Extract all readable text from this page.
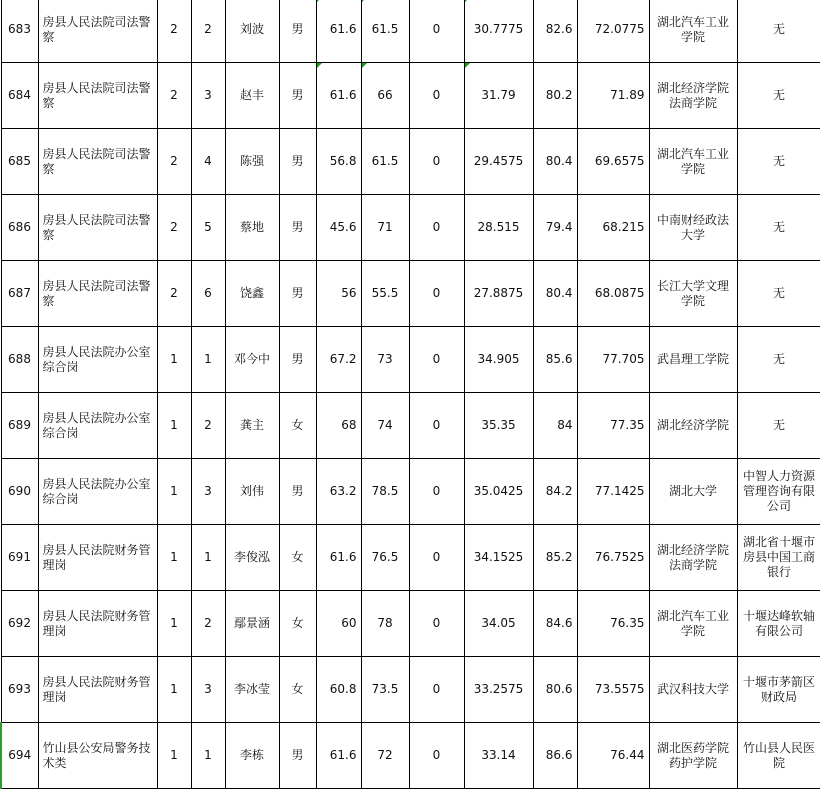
683	房县人民法院司法警察	2	2	刘波	男	61.6	61.5	0	30.7775	82.6	72.0775	湖北汽车工业学院	无
684	房县人民法院司法警察	2	3	赵丰	男	61.6	66	0	31.79	80.2	71.89	湖北经济学院法商学院	无
685	房县人民法院司法警察	2	4	陈强	男	56.8	61.5	0	29.4575	80.4	69.6575	湖北汽车工业学院	无
686	房县人民法院司法警察	2	5	蔡地	男	45.6	71	0	28.515	79.4	68.215	中南财经政法大学	无
687	房县人民法院司法警察	2	6	饶鑫	男	56	55.5	0	27.8875	80.4	68.0875	长江大学文理学院	无
688	房县人民法院办公室综合岗	1	1	邓今中	男	67.2	73	0	34.905	85.6	77.705	武昌理工学院	无
689	房县人民法院办公室综合岗	1	2	龚主	女	68	74	0	35.35	84	77.35	湖北经济学院	无
690	房县人民法院办公室综合岗	1	3	刘伟	男	63.2	78.5	0	35.0425	84.2	77.1425	湖北大学	中智人力资源管理咨询有限公司
691	房县人民法院财务管理岗	1	1	李俊泓	女	61.6	76.5	0	34.1525	85.2	76.7525	湖北经济学院法商学院	湖北省十堰市房县中国工商银行
692	房县人民法院财务管理岗	1	2	鄢景涵	女	60	78	0	34.05	84.6	76.35	湖北汽车工业学院	十堰达峰软轴有限公司
693	房县人民法院财务管理岗	1	3	李冰莹	女	60.8	73.5	0	33.2575	80.6	73.5575	武汉科技大学	十堰市茅箭区财政局
694	竹山县公安局警务技术类	1	1	李栋	男	61.6	72	0	33.14	86.6	76.44	湖北医药学院药护学院	竹山县人民医院
